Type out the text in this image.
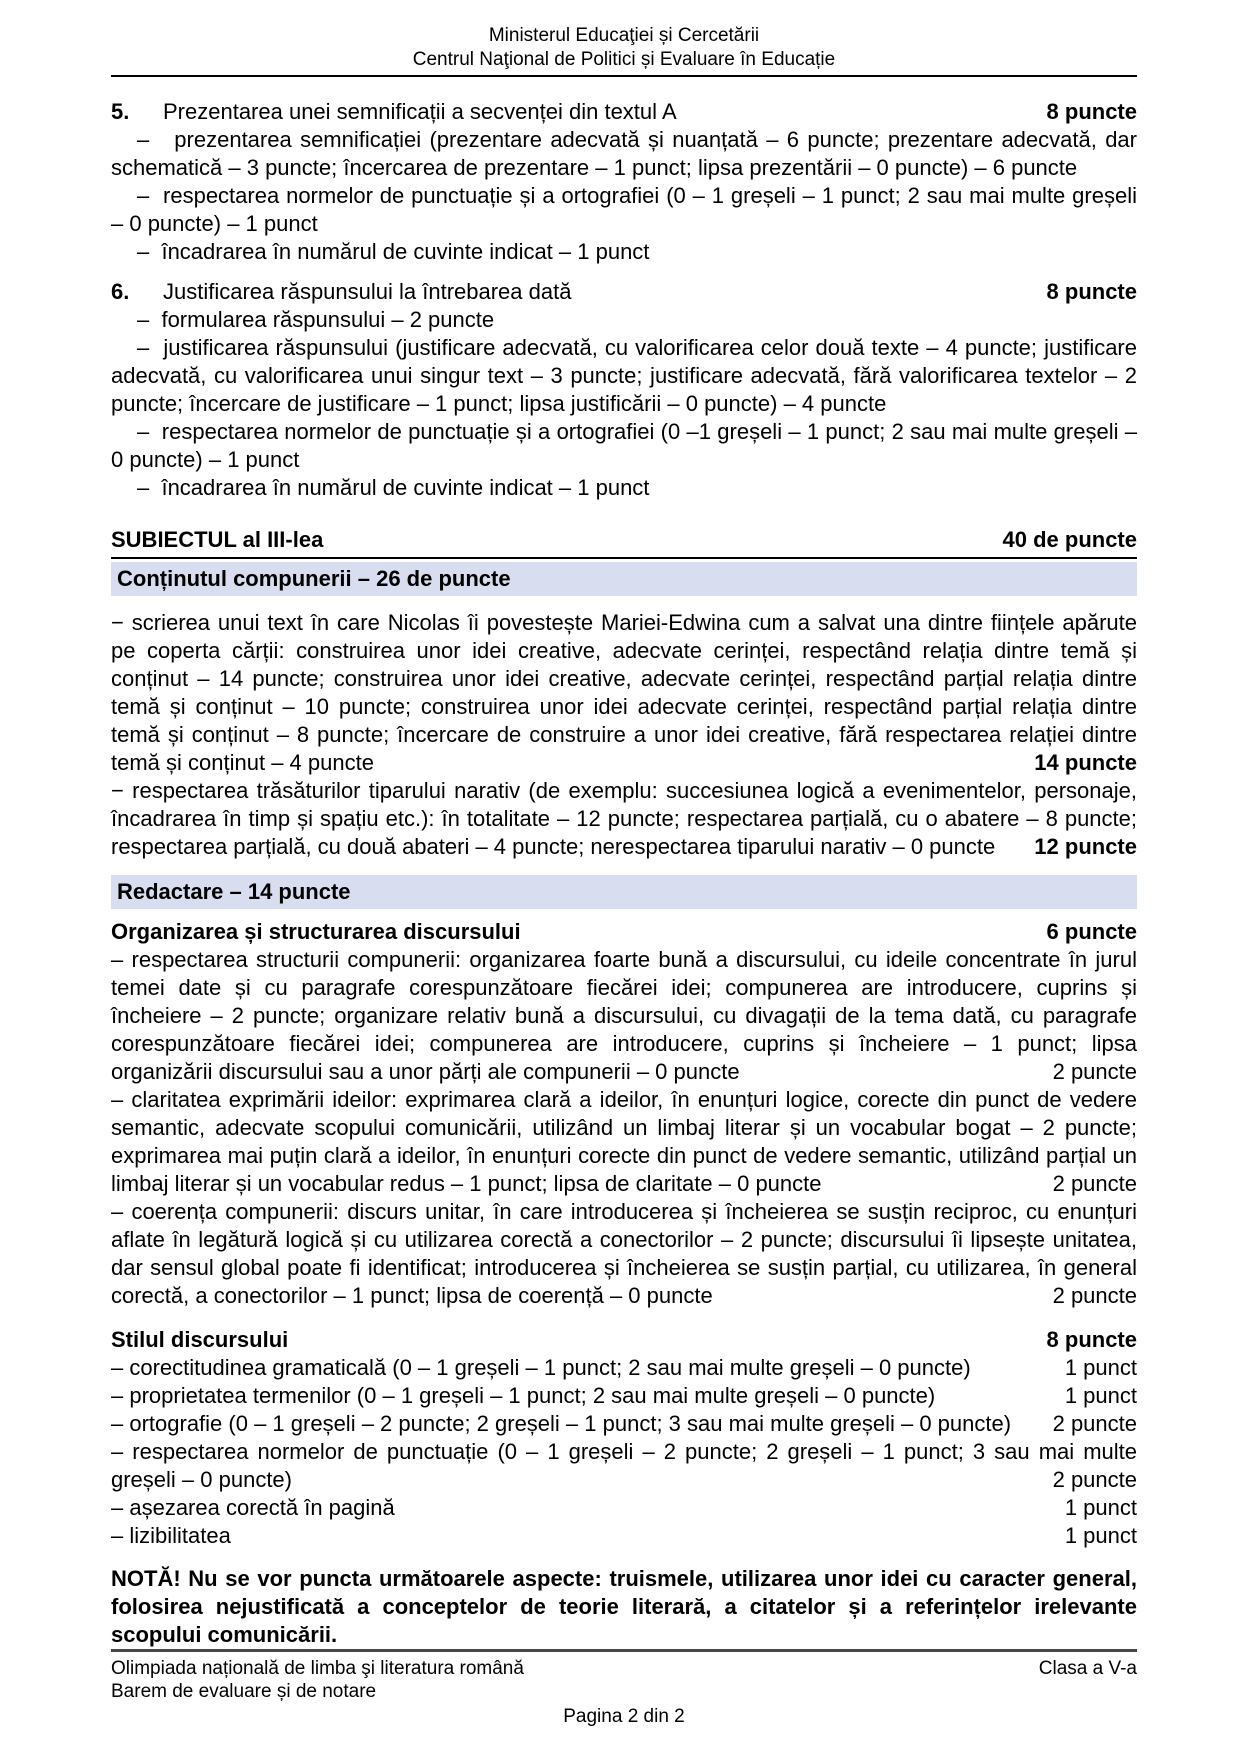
Ministerul Educaţiei și Cercetării
Centrul Naţional de Politici și Evaluare în Educație
5.	Prezentarea unei semnificații a secvenței din textul A	8 puncte
–   prezentarea semnificației (prezentare adecvată și nuanțată – 6 puncte; prezentare adecvată, dar schematică – 3 puncte; încercarea de prezentare – 1 punct; lipsa prezentării – 0 puncte) – 6 puncte
–  respectarea normelor de punctuație și a ortografiei (0 – 1 greșeli – 1 punct; 2 sau mai multe greșeli – 0 puncte) – 1 punct
–  încadrarea în numărul de cuvinte indicat – 1 punct
6.	Justificarea răspunsului la întrebarea dată	8 puncte
–  formularea răspunsului – 2 puncte
–  justificarea răspunsului (justificare adecvată, cu valorificarea celor două texte – 4 puncte; justificare adecvată, cu valorificarea unui singur text – 3 puncte; justificare adecvată, fără valorificarea textelor – 2 puncte; încercare de justificare – 1 punct; lipsa justificării – 0 puncte) – 4 puncte
–  respectarea normelor de punctuație și a ortografiei (0 –1 greșeli – 1 punct; 2 sau mai multe greșeli – 0 puncte) – 1 punct
–  încadrarea în numărul de cuvinte indicat – 1 punct
SUBIECTUL al III-lea	40 de puncte
Conținutul compunerii – 26 de puncte
− scrierea unui text în care Nicolas îi povestește Mariei-Edwina cum a salvat una dintre ființele apărute pe coperta cărții: construirea unor idei creative, adecvate cerinței, respectând relația dintre temă și conținut – 14 puncte; construirea unor idei creative, adecvate cerinței, respectând parțial relația dintre temă și conținut – 10 puncte; construirea unor idei adecvate cerinței, respectând parțial relația dintre temă și conținut – 8 puncte; încercare de construire a unor idei creative, fără respectarea relației dintre temă și conținut – 4 puncte	14 puncte
− respectarea trăsăturilor tiparului narativ (de exemplu: succesiunea logică a evenimentelor, personaje, încadrarea în timp și spațiu etc.): în totalitate – 12 puncte; respectarea parțială, cu o abatere – 8 puncte; respectarea parțială, cu două abateri – 4 puncte; nerespectarea tiparului narativ – 0 puncte	12 puncte
Redactare – 14 puncte
Organizarea și structurarea discursului	6 puncte
– respectarea structurii compunerii: organizarea foarte bună a discursului, cu ideile concentrate în jurul temei date și cu paragrafe corespunzătoare fiecărei idei; compunerea are introducere, cuprins și încheiere – 2 puncte; organizare relativ bună a discursului, cu divagații de la tema dată, cu paragrafe corespunzătoare fiecărei idei; compunerea are introducere, cuprins și încheiere – 1 punct; lipsa organizării discursului sau a unor părți ale compunerii – 0 puncte	2 puncte
– claritatea exprimării ideilor: exprimarea clară a ideilor, în enunțuri logice, corecte din punct de vedere semantic, adecvate scopului comunicării, utilizând un limbaj literar și un vocabular bogat – 2 puncte; exprimarea mai puțin clară a ideilor, în enunțuri corecte din punct de vedere semantic, utilizând parțial un limbaj literar și un vocabular redus – 1 punct; lipsa de claritate – 0 puncte	2 puncte
– coerența compunerii: discurs unitar, în care introducerea și încheierea se susțin reciproc, cu enunțuri aflate în legătură logică și cu utilizarea corectă a conectorilor – 2 puncte; discursului îi lipsește unitatea, dar sensul global poate fi identificat; introducerea și încheierea se susțin parțial, cu utilizarea, în general corectă, a conectorilor – 1 punct; lipsa de coerență – 0 puncte	2 puncte
Stilul discursului	8 puncte
– corectitudinea gramaticală (0 – 1 greșeli – 1 punct; 2 sau mai multe greșeli – 0 puncte)	1 punct
– proprietatea termenilor (0 – 1 greșeli – 1 punct; 2 sau mai multe greșeli – 0 puncte)	1 punct
– ortografie (0 – 1 greșeli – 2 puncte; 2 greșeli – 1 punct; 3 sau mai multe greșeli – 0 puncte)	2 puncte
– respectarea normelor de punctuație (0 – 1 greșeli – 2 puncte; 2 greșeli – 1 punct; 3 sau mai multe greșeli – 0 puncte)	2 puncte
– așezarea corectă în pagină	1 punct
– lizibilitatea	1 punct
NOTĂ! Nu se vor puncta următoarele aspecte: truismele, utilizarea unor idei cu caracter general, folosirea nejustificată a conceptelor de teorie literară, a citatelor și a referințelor irelevante scopului comunicării.
Olimpiada națională de limba şi literatura română	Clasa a V-a
Barem de evaluare și de notare
Pagina 2 din 2
